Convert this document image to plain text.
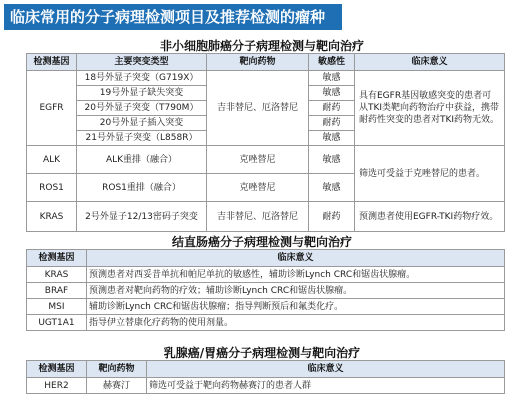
临床常用的分子病理检测项目及推荐检测的瘤种
非小细胞肺癌分子病理检测与靶向治疗
检测基因	主要突变类型	靶向药物	敏感性	临床意义
EGFR	18号外显子突变（G719X）	吉非替尼、厄洛替尼	敏感	具有EGFR基因敏感突变的患者可从TKI类靶向药物治疗中获益，携带耐药性突变的患者对TKI药物无效。
	19号外显子缺失突变		敏感	
	20号外显子突变（T790M）		耐药	
	20号外显子插入突变		耐药	
	21号外显子突变（L858R）		敏感	
ALK	ALK重排（融合）	克唑替尼	敏感	筛选可受益于克唑替尼的患者。
ROS1	ROS1重排（融合）	克唑替尼	敏感	
KRAS	2号外显子12/13密码子突变	吉非替尼、厄洛替尼	耐药	预测患者使用EGFR-TKI药物疗效。
结直肠癌分子病理检测与靶向治疗
检测基因	临床意义
KRAS	预测患者对西妥昔单抗和帕尼单抗的敏感性，辅助诊断Lynch CRC和锯齿状腺瘤。
BRAF	预测患者对靶向药物的疗效；辅助诊断Lynch CRC和锯齿状腺瘤。
MSI	辅助诊断Lynch CRC和锯齿状腺瘤；指导判断预后和氟类化疗。
UGT1A1	指导伊立替康化疗药物的使用剂量。
乳腺癌/胃癌分子病理检测与靶向治疗
检测基因	靶向药物	临床意义
HER2	赫赛汀	筛选可受益于靶向药物赫赛汀的患者人群
